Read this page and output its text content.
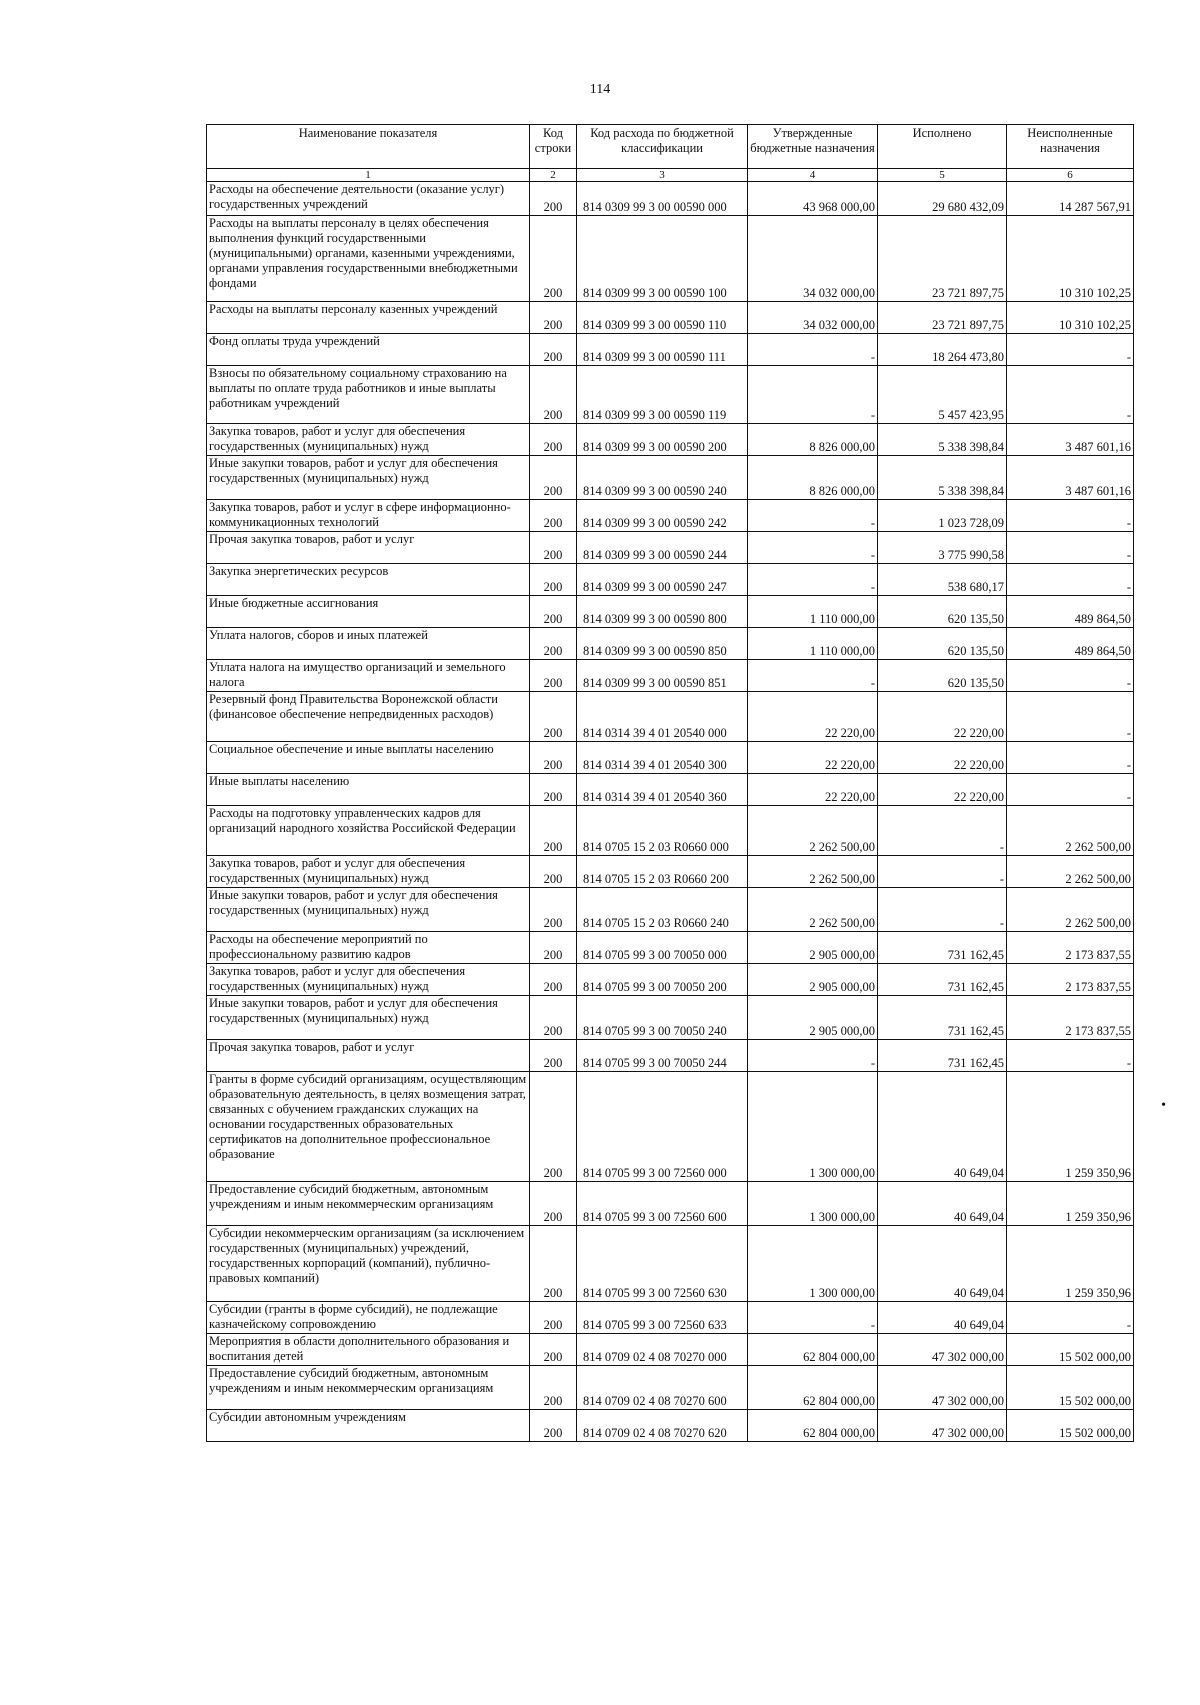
114
Наименование показателя	Код строки	Код расхода по бюджетной классификации	Утвержденные бюджетные назначения	Исполнено	Неисполненные назначения
1	2	3	4	5	6
Расходы на обеспечение деятельности (оказание услуг) государственных учреждений	200	814 0309 99 3 00 00590 000	43 968 000,00	29 680 432,09	14 287 567,91
Расходы на выплаты персоналу в целях обеспечения выполнения функций государственными (муниципальными) органами, казенными учреждениями, органами управления государственными внебюджетными фондами	200	814 0309 99 3 00 00590 100	34 032 000,00	23 721 897,75	10 310 102,25
Расходы на выплаты персоналу казенных учреждений	200	814 0309 99 3 00 00590 110	34 032 000,00	23 721 897,75	10 310 102,25
Фонд оплаты труда учреждений	200	814 0309 99 3 00 00590 111	-	18 264 473,80	-
Взносы по обязательному социальному страхованию на выплаты по оплате труда работников и иные выплаты работникам учреждений	200	814 0309 99 3 00 00590 119	-	5 457 423,95	-
Закупка товаров, работ и услуг для обеспечения государственных (муниципальных) нужд	200	814 0309 99 3 00 00590 200	8 826 000,00	5 338 398,84	3 487 601,16
Иные закупки товаров, работ и услуг для обеспечения государственных (муниципальных) нужд	200	814 0309 99 3 00 00590 240	8 826 000,00	5 338 398,84	3 487 601,16
Закупка товаров, работ и услуг в сфере информационно-коммуникационных технологий	200	814 0309 99 3 00 00590 242	-	1 023 728,09	-
Прочая закупка товаров, работ и услуг	200	814 0309 99 3 00 00590 244	-	3 775 990,58	-
Закупка энергетических ресурсов	200	814 0309 99 3 00 00590 247	-	538 680,17	-
Иные бюджетные ассигнования	200	814 0309 99 3 00 00590 800	1 110 000,00	620 135,50	489 864,50
Уплата налогов, сборов и иных платежей	200	814 0309 99 3 00 00590 850	1 110 000,00	620 135,50	489 864,50
Уплата налога на имущество организаций и земельного налога	200	814 0309 99 3 00 00590 851	-	620 135,50	-
Резервный фонд Правительства Воронежской области (финансовое обеспечение непредвиденных расходов)	200	814 0314 39 4 01 20540 000	22 220,00	22 220,00	-
Социальное обеспечение и иные выплаты населению	200	814 0314 39 4 01 20540 300	22 220,00	22 220,00	-
Иные выплаты населению	200	814 0314 39 4 01 20540 360	22 220,00	22 220,00	-
Расходы на подготовку управленческих кадров для организаций народного хозяйства Российской Федерации	200	814 0705 15 2 03 R0660 000	2 262 500,00	-	2 262 500,00
Закупка товаров, работ и услуг для обеспечения государственных (муниципальных) нужд	200	814 0705 15 2 03 R0660 200	2 262 500,00	-	2 262 500,00
Иные закупки товаров, работ и услуг для обеспечения государственных (муниципальных) нужд	200	814 0705 15 2 03 R0660 240	2 262 500,00	-	2 262 500,00
Расходы на обеспечение мероприятий по профессиональному развитию кадров	200	814 0705 99 3 00 70050 000	2 905 000,00	731 162,45	2 173 837,55
Закупка товаров, работ и услуг для обеспечения государственных (муниципальных) нужд	200	814 0705 99 3 00 70050 200	2 905 000,00	731 162,45	2 173 837,55
Иные закупки товаров, работ и услуг для обеспечения государственных (муниципальных) нужд	200	814 0705 99 3 00 70050 240	2 905 000,00	731 162,45	2 173 837,55
Прочая закупка товаров, работ и услуг	200	814 0705 99 3 00 70050 244	-	731 162,45	-
Гранты в форме субсидий организациям, осуществляющим образовательную деятельность, в целях возмещения затрат, связанных с обучением гражданских служащих на основании государственных образовательных сертификатов на дополнительное профессиональное образование	200	814 0705 99 3 00 72560 000	1 300 000,00	40 649,04	1 259 350,96
Предоставление субсидий бюджетным, автономным учреждениям и иным некоммерческим организациям	200	814 0705 99 3 00 72560 600	1 300 000,00	40 649,04	1 259 350,96
Субсидии некоммерческим организациям (за исключением государственных (муниципальных) учреждений, государственных корпораций (компаний), публично-правовых компаний)	200	814 0705 99 3 00 72560 630	1 300 000,00	40 649,04	1 259 350,96
Субсидии (гранты в форме субсидий), не подлежащие казначейскому сопровождению	200	814 0705 99 3 00 72560 633	-	40 649,04	-
Мероприятия в области дополнительного образования и воспитания детей	200	814 0709 02 4 08 70270 000	62 804 000,00	47 302 000,00	15 502 000,00
Предоставление субсидий бюджетным, автономным учреждениям и иным некоммерческим организациям	200	814 0709 02 4 08 70270 600	62 804 000,00	47 302 000,00	15 502 000,00
Субсидии автономным учреждениям	200	814 0709 02 4 08 70270 620	62 804 000,00	47 302 000,00	15 502 000,00
•
